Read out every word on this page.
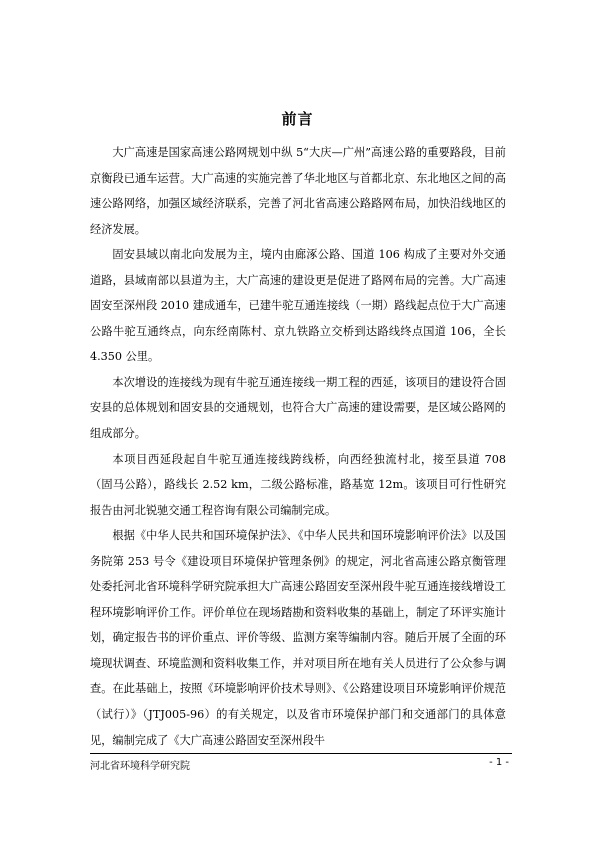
前言

大广高速是国家高速公路网规划中纵 5“大庆—广州”高速公路的重要路段，目前京衡段已通车运营。大广高速的实施完善了华北地区与首都北京、东北地区之间的高速公路网络，加强区域经济联系，完善了河北省高速公路路网布局，加快沿线地区的经济发展。

固安县域以南北向发展为主，境内由廊涿公路、国道 106 构成了主要对外交通道路，县域南部以县道为主，大广高速的建设更是促进了路网布局的完善。大广高速固安至深州段 2010 建成通车，已建牛驼互通连接线（一期）路线起点位于大广高速公路牛驼互通终点，向东经南陈村、京九铁路立交桥到达路线终点国道 106，全长 4.350 公里。

本次增设的连接线为现有牛驼互通连接线一期工程的西延，该项目的建设符合固安县的总体规划和固安县的交通规划，也符合大广高速的建设需要，是区域公路网的组成部分。

本项目西延段起自牛驼互通连接线跨线桥，向西经独流村北，接至县道 708（固马公路），路线长 2.52 km，二级公路标准，路基宽 12m。该项目可行性研究报告由河北锐驰交通工程咨询有限公司编制完成。

根据《中华人民共和国环境保护法》、《中华人民共和国环境影响评价法》以及国务院第 253 号令《建设项目环境保护管理条例》的规定，河北省高速公路京衡管理处委托河北省环境科学研究院承担大广高速公路固安至深州段牛驼互通连接线增设工程环境影响评价工作。评价单位在现场踏勘和资料收集的基础上，制定了环评实施计划，确定报告书的评价重点、评价等级、监测方案等编制内容。随后开展了全面的环境现状调查、环境监测和资料收集工作，并对项目所在地有关人员进行了公众参与调查。在此基础上，按照《环境影响评价技术导则》、《公路建设项目环境影响评价规范（试行）》（JTJ005-96）的有关规定，以及省市环境保护部门和交通部门的具体意见，编制完成了《大广高速公路固安至深州段牛

河北省环境科学研究院	- 1 -
